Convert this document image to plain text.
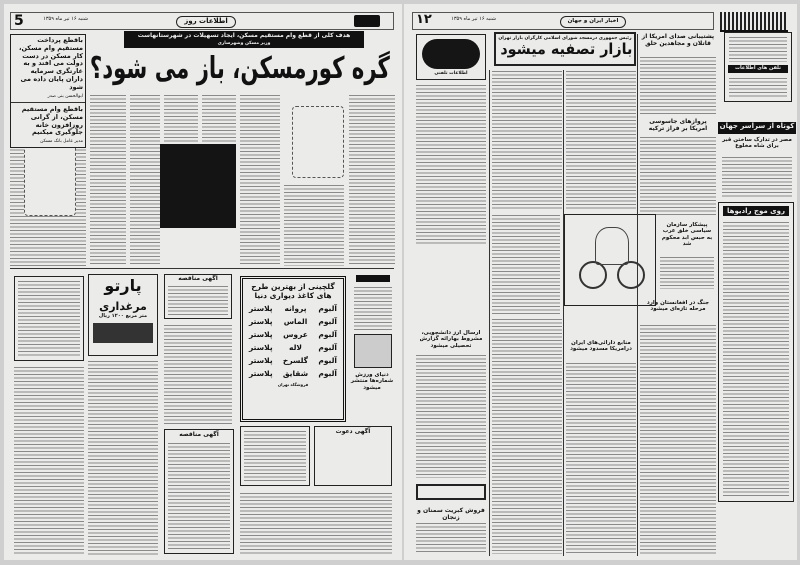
5	شنبه ۱۶ تیر ماه ۱۳۵۹	اطلاعات روز
باقطع پرداخت مستقیم وام مسکن، کار مسکن در دست دولت می افتد و به غارتگری سرمایه داران پایان داده می شود
ابوالحسن بنی صدر
باقطع وام مستقیم مسکن، از گرانی روزافزون خانه جلوگیری میکنیم
مدیر عامل بانک مسکن
هدف کلی از قطع وام مستقیم مسکن، ایجاد تسهیلات در شهرستانهاست
وزیر مسکن وشهرسازی
گره کورمسکن، باز می شود؟
پارتو
مرغداری
متر مربع ۱۲۰۰ ریال
آگهی مناقصه
گلچینی از بهترین طرح های کاغذ دیواری دنیا
آلبوم
پروانه
پلاستر
آلبوم
الماس
پلاستر
آلبوم
عروس
پلاستر
آلبوم
لاله
پلاستر
آلبوم
گلسرخ
پلاستر
آلبوم
شقایق
پلاستر
فروشگاه تهران
دنیای ورزش
شماره‌ها منتشر میشود
آگهی دعوت
آگهی مناقصه
۱۲	شنبه ۱۶ تیر ماه ۱۳۵۹	اخبار ایران و جهان
اطلاعات تلفنی
رئیس جمهوری درمسجد شورای اسلامی کارگران بازار تهران
بازار تصفیه میشود
پشتیبانی صدای امریکا از قاتلان و مجاهدین خلق
تلفن های اطلاعات
پروازهای جاسوسی امریکا بر فراز ترکیه	کوتاه از سراسر جهان
مصر در تدارک ساختن قبر برای شاه مخلوع
روی موج رادیوها
پیشکار سازمان سیاسی خلق عرب به حبس ابد محکوم شد
جنگ در افغانستان وارد مرحله تازه‌ای میشود
ارسال ارز دانشجویی، مشروط بهارائه گزارش تحصیلی میشود	منابع دارائی‌های ایران درامریکا مسدود میشود
فروش کبریت سمنان و زنجان
